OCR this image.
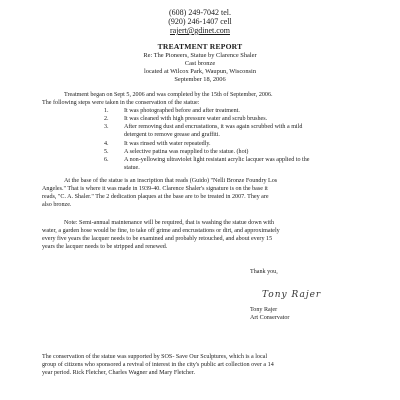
(608) 249-7042 tel.
(920) 246-1407 cell
rajert@gdinet.com
TREATMENT REPORT
Re: The Pioneers, Statue by Clarence Shaler
Cast bronze
located at Wilcox Park, Waupun, Wisconsin
September 18, 2006
Treatment began on Sept 5, 2006 and was completed by the 15th of September, 2006.
The following steps were taken in the conservation of the statue:
1.	It was photographed before and after treatment.
2.	It was cleaned with high pressure water and scrub brushes.
3.	After removing dust and encrustations, it was again scrubbed with a mild
detergent to remove grease and graffiti.
4.	It was rinsed with water repeatedly.
5.	A selective patina was reapplied to the statue. (hot)
6.	A non-yellowing ultraviolet light resistant acrylic lacquer was applied to the
statue.
At the base of the statue is an inscription that reads (Guido) "Nelli Bronze Foundry Los
Angeles." That is where it was made in 1939-40. Clarence Shaler's signature is on the base it
reads, "C. A. Shaler." The 2 dedication plaques at the base are to be treated in 2007. They are
also bronze.
Note: Semi-annual maintenance will be required, that is washing the statue down with
water, a garden hose would be fine, to take off grime and encrustations or dirt, and approximately
every five years the lacquer needs to be examined and probably retouched, and about every 15
years the lacquer needs to be stripped and renewed.
Thank you,
Tony Rajer
Tony Rajer
Art Conservator
The conservation of the statue was supported by SOS- Save Our Sculptures, which is a local
group of citizens who sponsored a revival of interest in the city's public art collection over a 14
year period. Rick Fletcher, Charles Wagner and Mary Fletcher.
